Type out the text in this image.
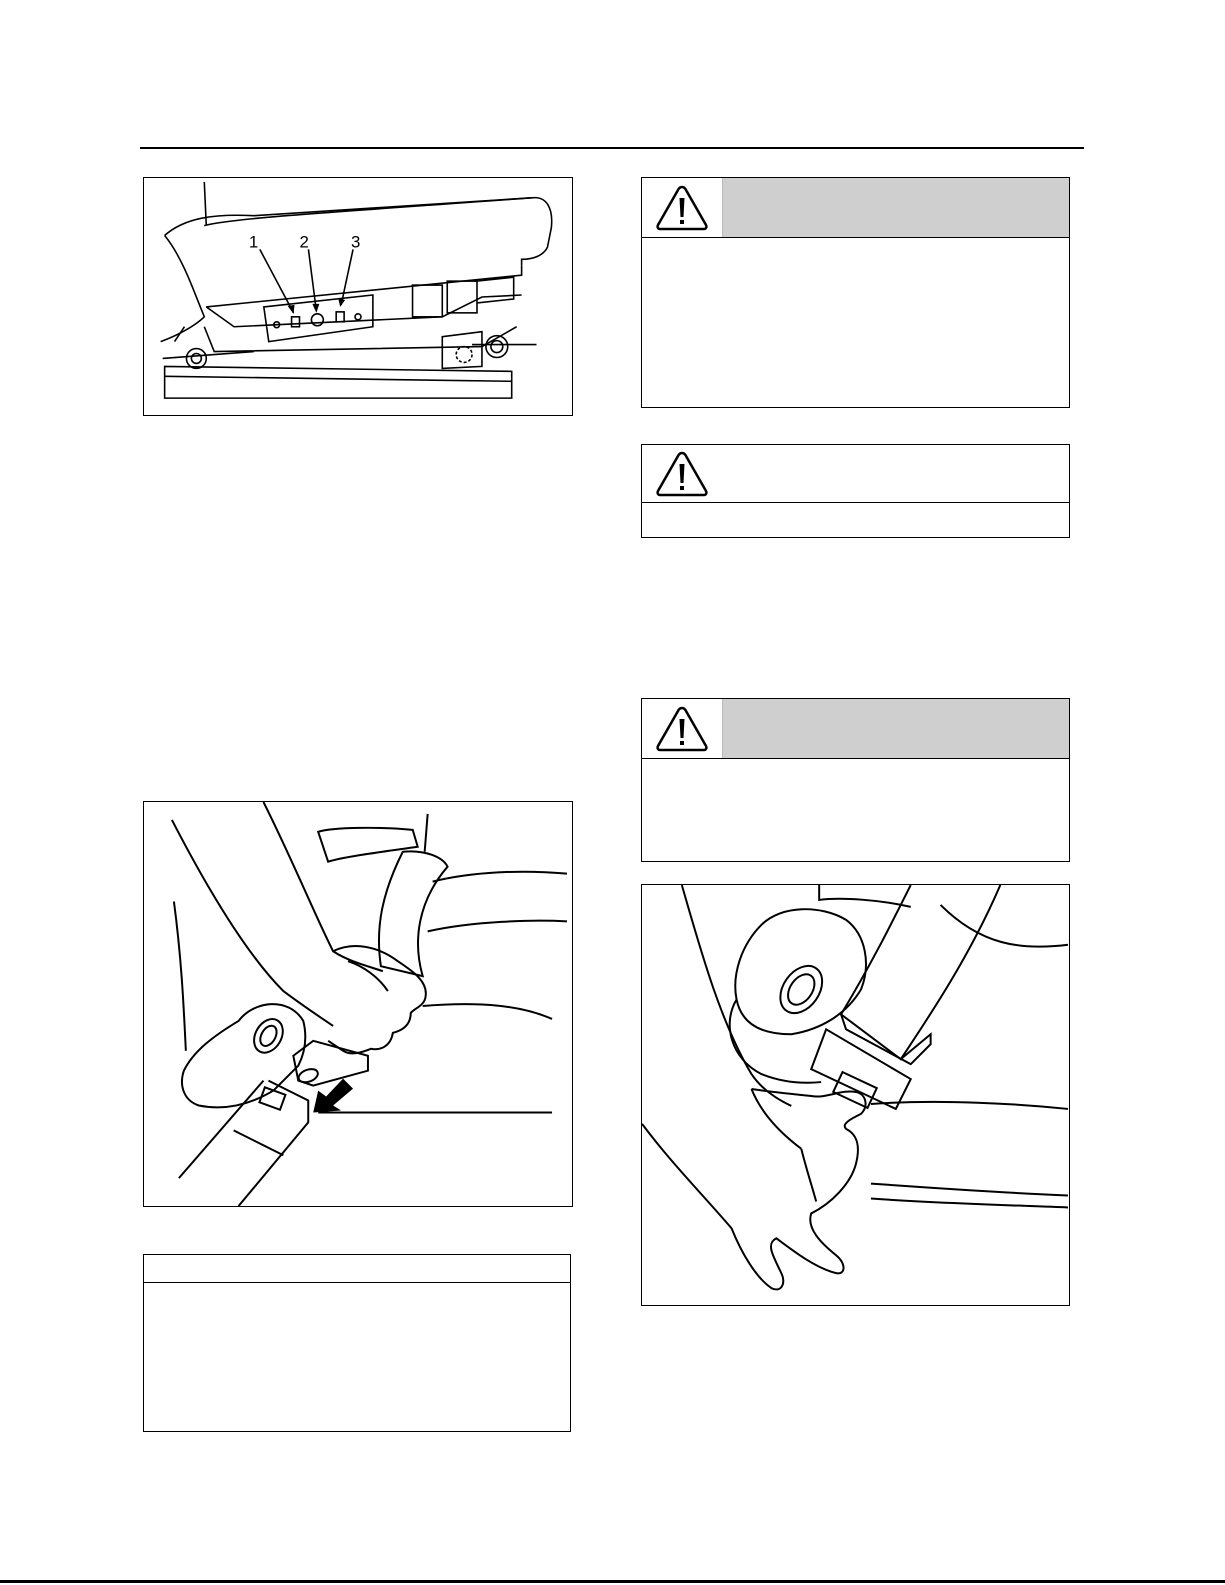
1 2 3
